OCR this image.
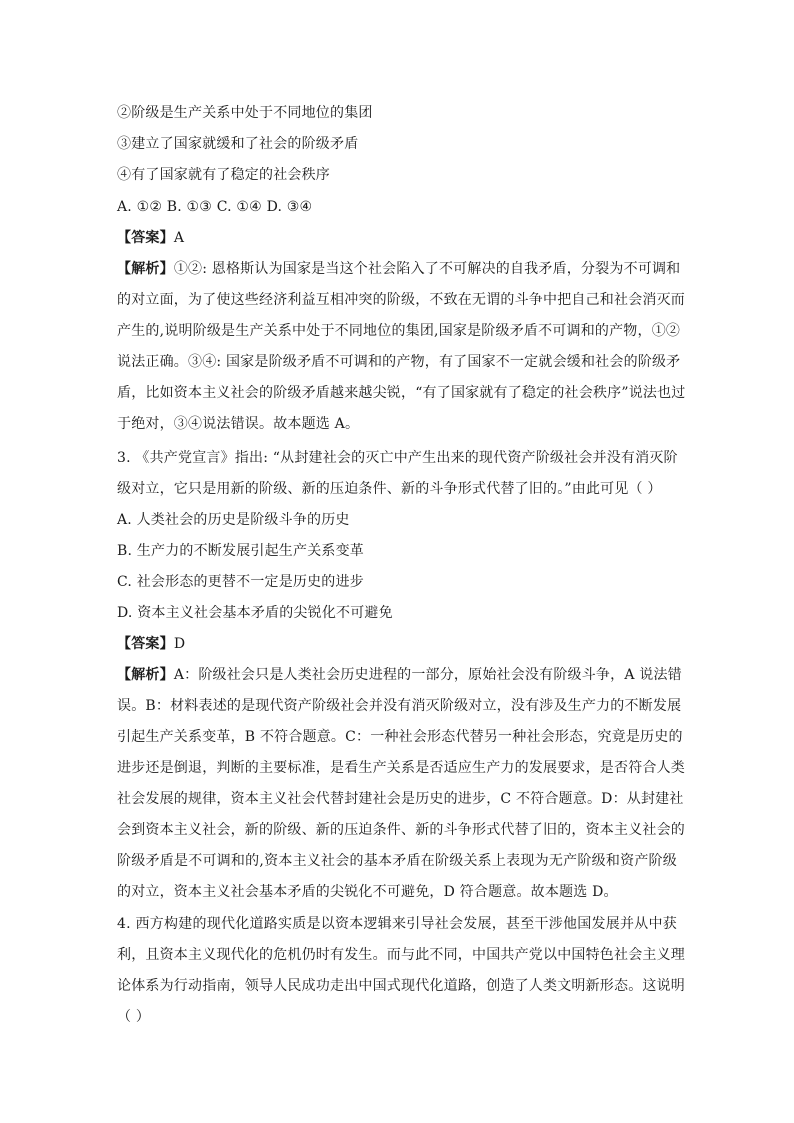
②阶级是生产关系中处于不同地位的集团
③建立了国家就缓和了社会的阶级矛盾
④有了国家就有了稳定的社会秩序
A. ①② B. ①③ C. ①④ D. ③④
【答案】A
【解析】①②: 恩格斯认为国家是当这个社会陷入了不可解决的自我矛盾，分裂为不可调和
的对立面，为了使这些经济利益互相冲突的阶级，不致在无谓的斗争中把自己和社会消灭而
产生的,说明阶级是生产关系中处于不同地位的集团,国家是阶级矛盾不可调和的产物，①②
说法正确。③④: 国家是阶级矛盾不可调和的产物，有了国家不一定就会缓和社会的阶级矛
盾，比如资本主义社会的阶级矛盾越来越尖锐，“有了国家就有了稳定的社会秩序”说法也过
于绝对，③④说法错误。故本题选 A。
3. 《共产党宣言》指出: “从封建社会的灭亡中产生出来的现代资产阶级社会并没有消灭阶
级对立，它只是用新的阶级、新的压迫条件、新的斗争形式代替了旧的。”由此可见（ ）
A. 人类社会的历史是阶级斗争的历史
B. 生产力的不断发展引起生产关系变革
C. 社会形态的更替不一定是历史的进步
D. 资本主义社会基本矛盾的尖锐化不可避免
【答案】D
【解析】A：阶级社会只是人类社会历史进程的一部分，原始社会没有阶级斗争，A 说法错
误。B：材料表述的是现代资产阶级社会并没有消灭阶级对立，没有涉及生产力的不断发展
引起生产关系变革，B 不符合题意。C：一种社会形态代替另一种社会形态，究竟是历史的
进步还是倒退，判断的主要标准，是看生产关系是否适应生产力的发展要求，是否符合人类
社会发展的规律，资本主义社会代替封建社会是历史的进步，C 不符合题意。D：从封建社
会到资本主义社会，新的阶级、新的压迫条件、新的斗争形式代替了旧的，资本主义社会的
阶级矛盾是不可调和的,资本主义社会的基本矛盾在阶级关系上表现为无产阶级和资产阶级
的对立，资本主义社会基本矛盾的尖锐化不可避免，D 符合题意。故本题选 D。
4. 西方构建的现代化道路实质是以资本逻辑来引导社会发展，甚至干涉他国发展并从中获
利，且资本主义现代化的危机仍时有发生。而与此不同，中国共产党以中国特色社会主义理
论体系为行动指南，领导人民成功走出中国式现代化道路，创造了人类文明新形态。这说明
（ ）
